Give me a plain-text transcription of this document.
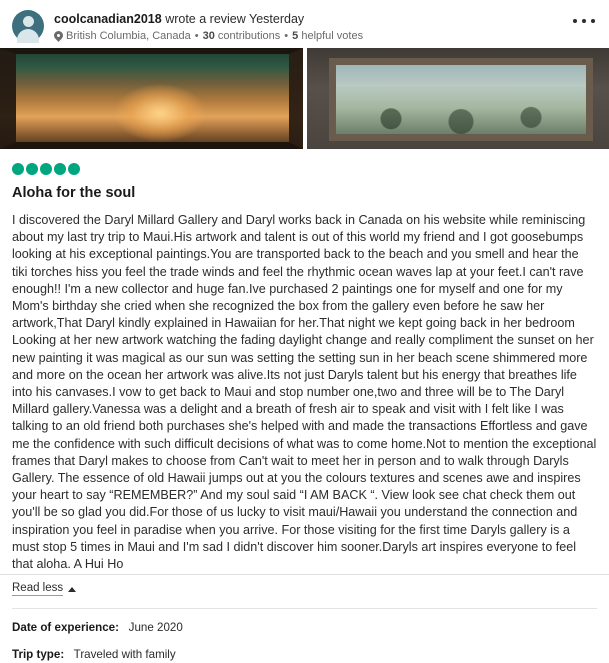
coolcanadian2018 wrote a review Yesterday
British Columbia, Canada • 30
contributions • 5
helpful votes
Aloha for the soul
I discovered the Daryl Millard Gallery and Daryl works back in Canada on his website while reminiscing about my last try trip to Maui.His artwork and talent is out of this world my friend and I got goosebumps looking at his exceptional paintings.You are transported back to the beach and you smell and hear the tiki torches hiss you feel the trade winds and feel the rhythmic ocean waves lap at your feet.I can't rave enough!! I'm a new collector and huge fan.Ive purchased 2 paintings one for myself and one for my Mom's birthday she cried when she recognized the box from the gallery even before he saw her artwork,That Daryl kindly explained in Hawaiian for her.That night we kept going back in her bedroom Looking at her new artwork watching the fading daylight change and really compliment the sunset on her new painting it was magical as our sun was setting the setting sun in her beach scene shimmered more and more on the ocean her artwork was alive.Its not just Daryls talent but his energy that breathes life into his canvases.I vow to get back to Maui and stop number one,two and three will be to The Daryl Millard gallery.Vanessa was a delight and a breath of fresh air to speak and visit with I felt like I was talking to an old friend both purchases she's helped with and made the transactions Effortless and gave me the confidence with such difficult decisions of what was to come home.Not to mention the exceptional frames that Daryl makes to choose from Can't wait to meet her in person and to walk through Daryls Gallery. The essence of old Hawaii jumps out at you the colours textures and scenes awe and inspires your heart to say “REMEMBER?” And my soul said “I AM BACK “. View look see chat check them out you'll be so glad you did.For those of us lucky to visit maui/Hawaii you understand the connection and inspiration you feel in paradise when you arrive. For those visiting for the first time Daryls gallery is a must stop 5 times in Maui and I'm sad I didn't discover him sooner.Daryls art inspires everyone to feel that aloha. A Hui Ho
Read less
Date of experience: June 2020
Trip type: Traveled with family
